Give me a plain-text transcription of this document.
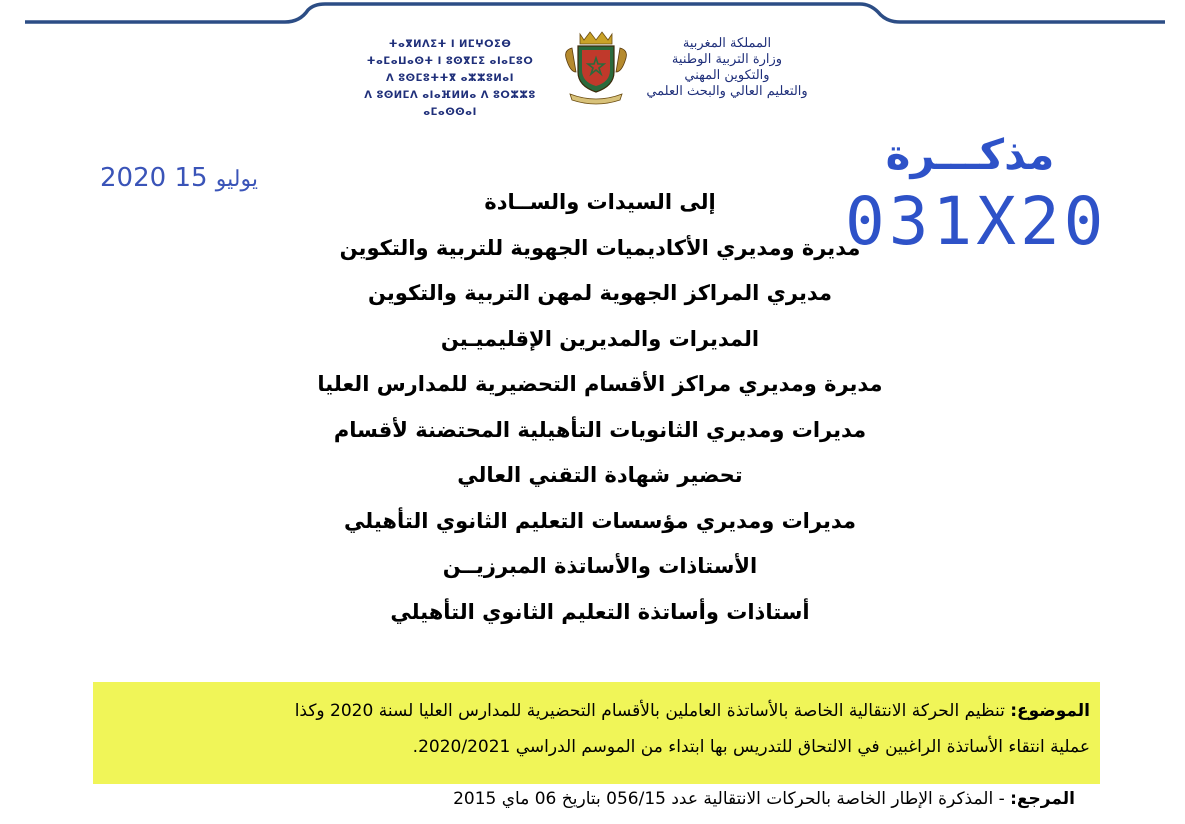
المملكة المغربية
وزارة التربية الوطنية
والتكوين المهني
والتعليم العالي والبحث العلمي
ⵜⴰⴳⵍⴷⵉⵜ ⵏ ⵍⵎⵖⵔⵉⴱ
ⵜⴰⵎⴰⵡⴰⵙⵜ ⵏ ⵓⵙⴳⵎⵉ ⴰⵏⴰⵎⵓⵔ
ⴷ ⵓⵙⵎⵓⵜⵜⴳ ⴰⵣⵣⵓⵍⴰⵏ
ⴷ ⵓⵙⵍⵎⴷ ⴰⵏⴰⴼⵍⵍⴰ ⴷ ⵓⵔⵣⵣⵓ ⴰⵎⴰⵙⵙⴰⵏ
2020 يوليو 15	مذكـــرة
031X20
إلى السيدات والســادة
مديرة ومديري الأكاديميات الجهوية للتربية والتكوين
مديري المراكز الجهوية لمهن التربية والتكوين
المديرات والمديرين الإقليميـين
مديرة ومديري مراكز الأقسام التحضيرية للمدارس العليا
مديرات ومديري الثانويات التأهيلية المحتضنة لأقسام
تحضير شهادة التقني العالي
مديرات ومديري مؤسسات التعليم الثانوي التأهيلي
الأستاذات والأساتذة المبرزيــن
أستاذات وأساتذة التعليم الثانوي التأهيلي
الموضوع: تنظيم الحركة الانتقالية الخاصة بالأساتذة العاملين بالأقسام التحضيرية للمدارس العليا لسنة 2020 وكذا
عملية انتقاء الأساتذة الراغبين في الالتحاق للتدريس بها ابتداء من الموسم الدراسي 2020/2021.
المرجع: - المذكرة الإطار الخاصة بالحركات الانتقالية عدد 056/15 بتاريخ 06 ماي 2015
